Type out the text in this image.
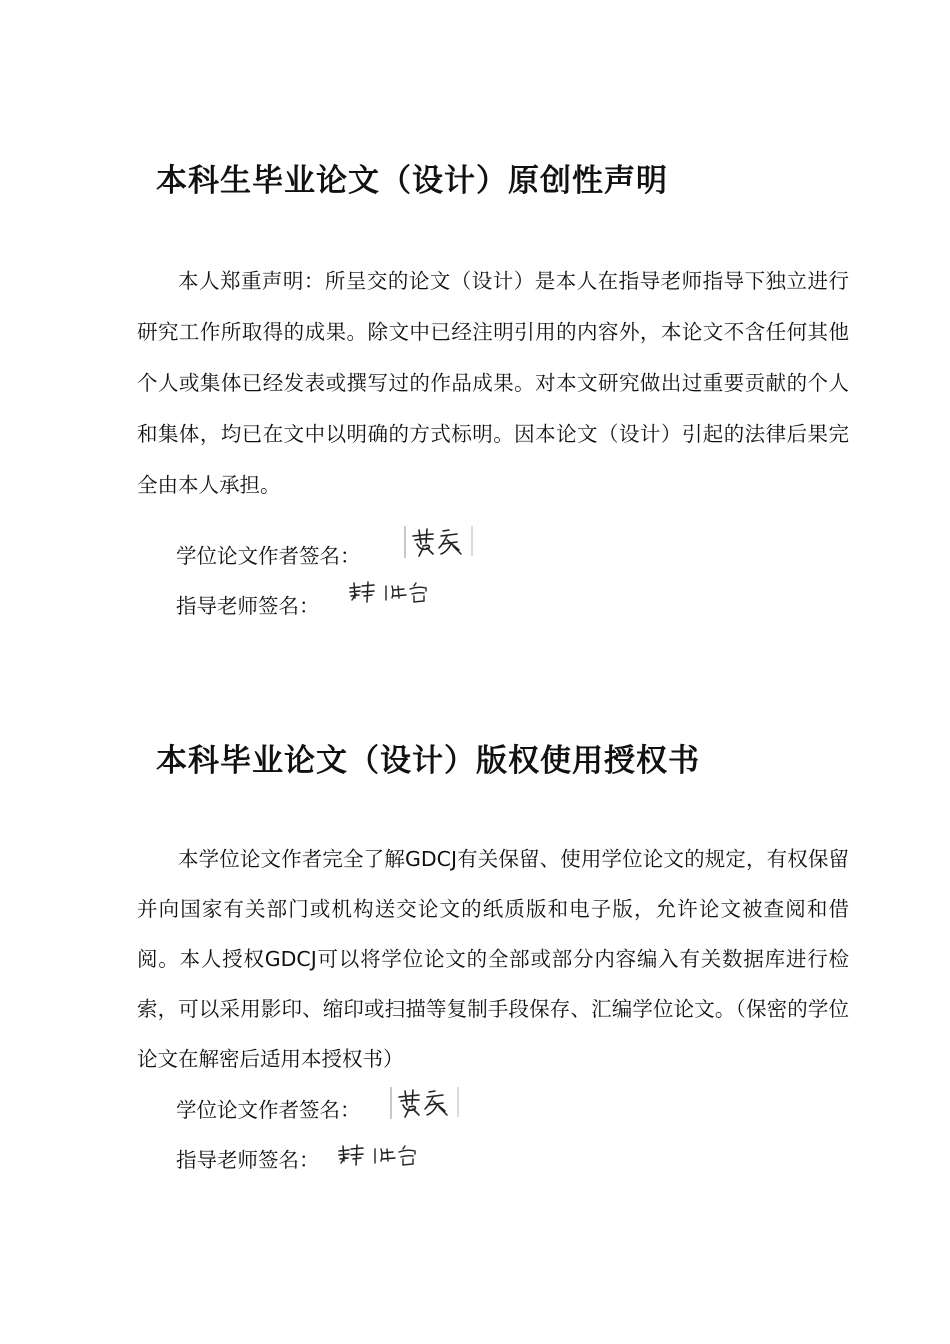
本科生毕业论文（设计）原创性声明

本人郑重声明：所呈交的论文（设计）是本人在指导老师指导下独立进行研究工作所取得的成果。除文中已经注明引用的内容外，本论文不含任何其他个人或集体已经发表或撰写过的作品成果。对本文研究做出过重要贡献的个人和集体，均已在文中以明确的方式标明。因本论文（设计）引起的法律后果完全由本人承担。

学位论文作者签名：
指导老师签名：
本科毕业论文（设计）版权使用授权书

本学位论文作者完全了解GDCJ有关保留、使用学位论文的规定，有权保留并向国家有关部门或机构送交论文的纸质版和电子版，允许论文被查阅和借阅。本人授权GDCJ可以将学位论文的全部或部分内容编入有关数据库进行检索，可以采用影印、缩印或扫描等复制手段保存、汇编学位论文。（保密的学位论文在解密后适用本授权书）

学位论文作者签名：
指导老师签名：
